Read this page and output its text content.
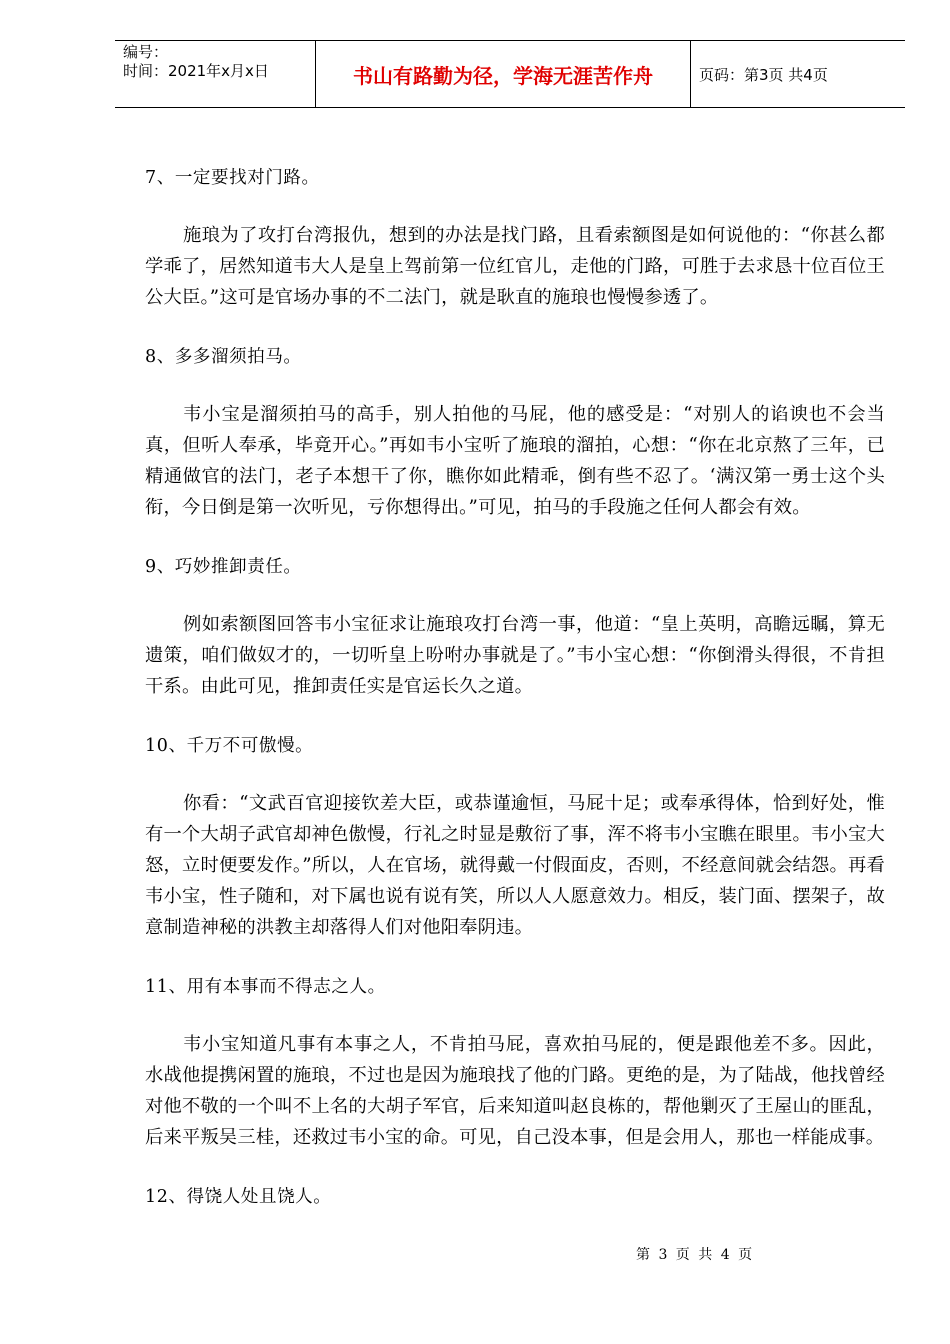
编号：
时间：2021年x月x日	书山有路勤为径，学海无涯苦作舟	页码：第3页 共4页

7、一定要找对门路。

施琅为了攻打台湾报仇，想到的办法是找门路，且看索额图是如何说他的：“你甚么都学乖了，居然知道韦大人是皇上驾前第一位红官儿，走他的门路，可胜于去求恳十位百位王公大臣。”这可是官场办事的不二法门，就是耿直的施琅也慢慢参透了。

8、多多溜须拍马。

韦小宝是溜须拍马的高手，别人拍他的马屁，他的感受是：“对别人的谄谀也不会当真，但听人奉承，毕竟开心。”再如韦小宝听了施琅的溜拍，心想：“你在北京熬了三年，已精通做官的法门，老子本想干了你，瞧你如此精乖，倒有些不忍了。‘满汉第一勇士这个头衔，今日倒是第一次听见，亏你想得出。”可见，拍马的手段施之任何人都会有效。

9、巧妙推卸责任。

例如索额图回答韦小宝征求让施琅攻打台湾一事，他道：“皇上英明，高瞻远瞩，算无遗策，咱们做奴才的，一切听皇上吩咐办事就是了。”韦小宝心想：“你倒滑头得很，不肯担干系。由此可见，推卸责任实是官运长久之道。

10、千万不可傲慢。

你看：“文武百官迎接钦差大臣，或恭谨逾恒，马屁十足；或奉承得体，恰到好处，惟有一个大胡子武官却神色傲慢，行礼之时显是敷衍了事，浑不将韦小宝瞧在眼里。韦小宝大怒，立时便要发作。”所以，人在官场，就得戴一付假面皮，否则，不经意间就会结怨。再看韦小宝，性子随和，对下属也说有说有笑，所以人人愿意效力。相反，装门面、摆架子，故意制造神秘的洪教主却落得人们对他阳奉阴违。

11、用有本事而不得志之人。

韦小宝知道凡事有本事之人，不肯拍马屁，喜欢拍马屁的，便是跟他差不多。因此，水战他提携闲置的施琅，不过也是因为施琅找了他的门路。更绝的是，为了陆战，他找曾经对他不敬的一个叫不上名的大胡子军官，后来知道叫赵良栋的，帮他剿灭了王屋山的匪乱，后来平叛吴三桂，还救过韦小宝的命。可见，自己没本事，但是会用人，那也一样能成事。

12、得饶人处且饶人。

第 3 页 共 4 页
